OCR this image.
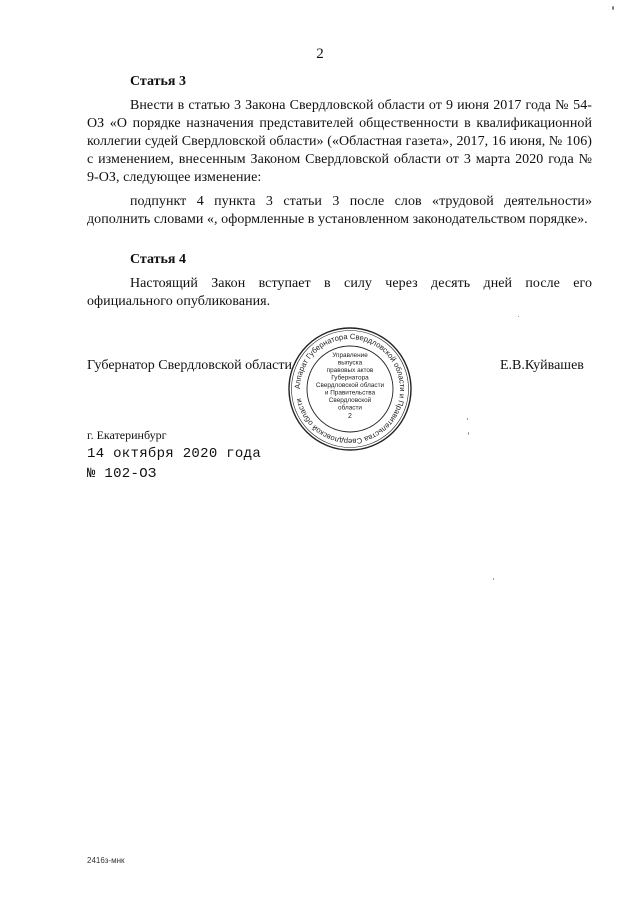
2
Статья 3

Внести в статью 3 Закона Свердловской области от 9 июня 2017 года № 54-ОЗ «О порядке назначения представителей общественности в квалификационной коллегии судей Свердловской области» («Областная газета», 2017, 16 июня, № 106) с изменением, внесенным Законом Свердловской области от 3 марта 2020 года № 9-ОЗ, следующее изменение:

подпункт 4 пункта 3 статьи 3 после слов «трудовой деятельности» дополнить словами «, оформленные в установленном законодательством порядке».

Статья 4

Настоящий Закон вступает в силу через десять дней после его официального опубликования.

Губернатор Свердловской области
Аппарат Губернатора Свердловской области и Правительства Свердловской области
Управление
выпуска
правовых актов
Губернатора
Свердловской области
и Правительства
Свердловской
области
2
Е.В.Куйвашев
г. Екатеринбург
14 октября 2020 года
№ 102-ОЗ
2416з-мнк
